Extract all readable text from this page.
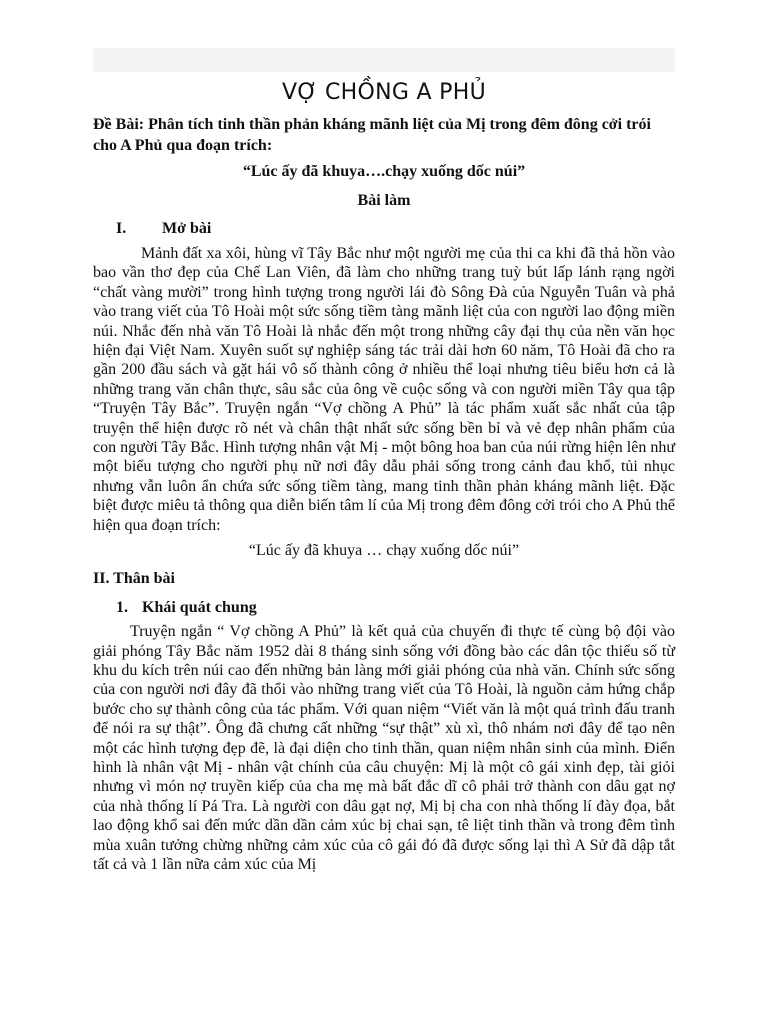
VỢ CHỒNG A PHỦ

Đề Bài: Phân tích tinh thần phản kháng mãnh liệt của Mị trong đêm đông cởi trói cho A Phủ qua đoạn trích:

“Lúc ấy đã khuya….chạy xuống dốc núi”

Bài làm

I.	Mở bài

Mảnh đất xa xôi, hùng vĩ Tây Bắc như một người mẹ của thi ca khi đã thả hồn vào bao vần thơ đẹp của Chế Lan Viên, đã làm cho những trang tuỳ bút lấp lánh rạng ngời “chất vàng mười” trong hình tượng trong người lái đò Sông Đà của Nguyễn Tuân và phả vào trang viết của Tô Hoài một sức sống tiềm tàng mãnh liệt của con người lao động miền núi. Nhắc đến nhà văn Tô Hoài là nhắc đến một trong những cây đại thụ của nền văn học hiện đại Việt Nam. Xuyên suốt sự nghiệp sáng tác trải dài hơn 60 năm, Tô Hoài đã cho ra gần 200 đầu sách và gặt hái vô số thành công ở nhiều thể loại nhưng tiêu biểu hơn cả là những trang văn chân thực, sâu sắc của ông về cuộc sống và con người miền Tây qua tập “Truyện Tây Bắc”. Truyện ngắn “Vợ chồng A Phủ” là tác phẩm xuất sắc nhất của tập truyện thể hiện được rõ nét và chân thật nhất sức sống bền bỉ và vẻ đẹp nhân phẩm của con người Tây Bắc. Hình tượng nhân vật Mị - một bông hoa ban của núi rừng hiện lên như một biểu tượng cho người phụ nữ nơi đây dẫu phải sống trong cảnh đau khổ, tủi nhục nhưng vẫn luôn ẩn chứa sức sống tiềm tàng, mang tinh thần phản kháng mãnh liệt. Đặc biệt được miêu tả thông qua diễn biến tâm lí của Mị trong đêm đông cởi trói cho A Phủ thể hiện qua đoạn trích:

“Lúc ấy đã khuya … chạy xuống dốc núi”

II. Thân bài

1. Khái quát chung

Truyện ngắn “ Vợ chồng A Phủ” là kết quả của chuyến đi thực tế cùng bộ đội vào giải phóng Tây Bắc năm 1952 dài 8 tháng sinh sống với đồng bào các dân tộc thiểu số từ khu du kích trên núi cao đến những bản làng mới giải phóng của nhà văn. Chính sức sống của con người nơi đây đã thổi vào những trang viết của Tô Hoài, là nguồn cảm hứng chắp bước cho sự thành công của tác phẩm. Với quan niệm “Viết văn là một quá trình đấu tranh để nói ra sự thật”. Ông đã chưng cất những “sự thật” xù xì, thô nhám nơi đây để tạo nên một các hình tượng đẹp đẽ, là đại diện cho tinh thần, quan niệm nhân sinh của mình. Điển hình là nhân vật Mị - nhân vật chính của câu chuyện: Mị là một cô gái xinh đẹp, tài giỏi nhưng vì món nợ truyền kiếp của cha mẹ mà bất đắc dĩ cô phải trở thành con dâu gạt nợ của nhà thống lí Pá Tra. Là người con dâu gạt nợ, Mị bị cha con nhà thống lí đày đọa, bắt lao động khổ sai đến mức dần dần cảm xúc bị chai sạn, tê liệt tinh thần và trong đêm tình mùa xuân tưởng chừng những cảm xúc của cô gái đó đã được sống lại thì A Sử đã dập tắt tất cả và 1 lần nữa cảm xúc của Mị
